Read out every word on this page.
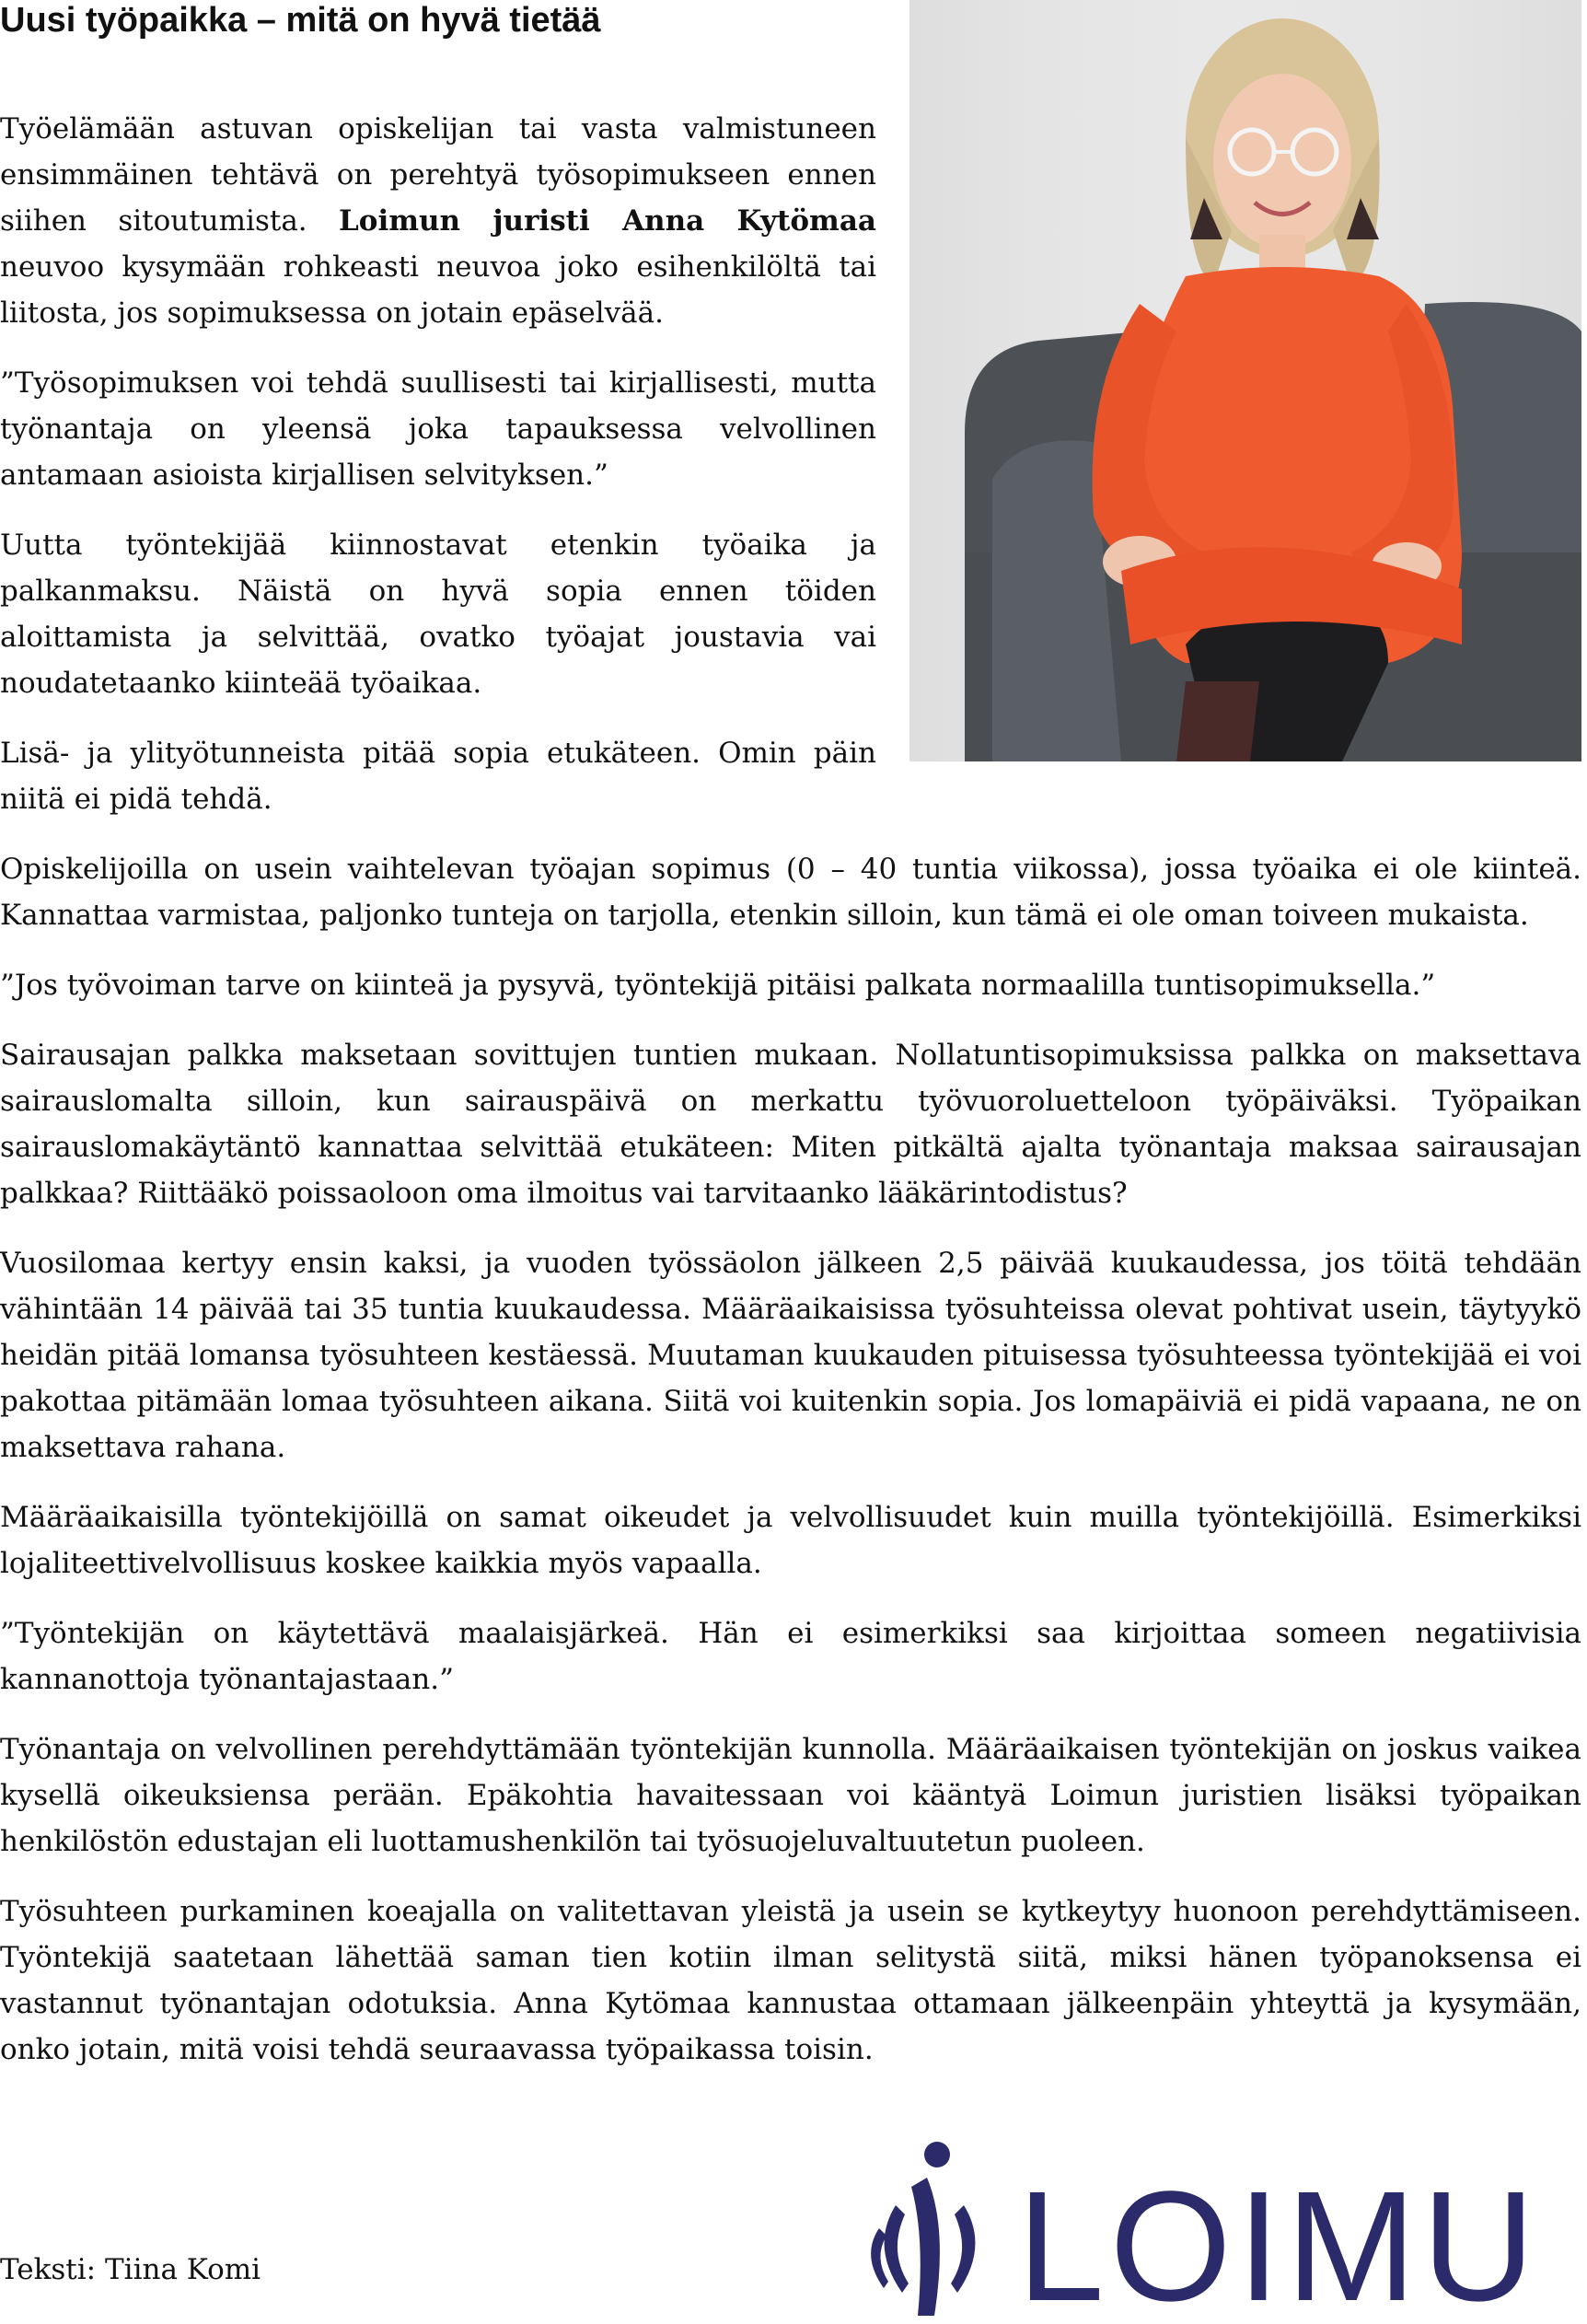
Uusi työpaikka – mitä on hyvä tietää

Työelämään astuvan opiskelijan tai vasta valmistuneen ensimmäinen tehtävä on perehtyä työsopimukseen ennen siihen sitoutumista. Loimun juristi Anna Kytömaa neuvoo kysymään rohkeasti neuvoa joko esihenkilöltä tai liitosta, jos sopimuksessa on jotain epäselvää.

”Työsopimuksen voi tehdä suullisesti tai kirjallisesti, mutta työnantaja on yleensä joka tapauksessa velvollinen antamaan asioista kirjallisen selvityksen.”

Uutta työntekijää kiinnostavat etenkin työaika ja palkanmaksu. Näistä on hyvä sopia ennen töiden aloittamista ja selvittää, ovatko työajat joustavia vai noudatetaanko kiinteää työaikaa.

Lisä- ja ylityötunneista pitää sopia etukäteen. Omin päin niitä ei pidä tehdä.

Opiskelijoilla on usein vaihtelevan työajan sopimus (0 – 40 tuntia viikossa), jossa työaika ei ole kiinteä. Kannattaa varmistaa, paljonko tunteja on tarjolla, etenkin silloin, kun tämä ei ole oman toiveen mukaista.

”Jos työvoiman tarve on kiinteä ja pysyvä, työntekijä pitäisi palkata normaalilla tuntisopimuksella.”

Sairausajan palkka maksetaan sovittujen tuntien mukaan. Nollatuntisopimuksissa palkka on maksettava sairauslomalta silloin, kun sairauspäivä on merkattu työvuoroluetteloon työpäiväksi. Työpaikan sairauslomakäytäntö kannattaa selvittää etukäteen: Miten pitkältä ajalta työnantaja maksaa sairausajan palkkaa? Riittääkö poissaoloon oma ilmoitus vai tarvitaanko lääkärintodistus?

Vuosilomaa kertyy ensin kaksi, ja vuoden työssäolon jälkeen 2,5 päivää kuukaudessa, jos töitä tehdään vähintään 14 päivää tai 35 tuntia kuukaudessa. Määräaikaisissa työsuhteissa olevat pohtivat usein, täytyykö heidän pitää lomansa työsuhteen kestäessä. Muutaman kuukauden pituisessa työsuhteessa työntekijää ei voi pakottaa pitämään lomaa työsuhteen aikana. Siitä voi kuitenkin sopia. Jos lomapäiviä ei pidä vapaana, ne on maksettava rahana.

Määräaikaisilla työntekijöillä on samat oikeudet ja velvollisuudet kuin muilla työntekijöillä. Esimerkiksi lojaliteettivelvollisuus koskee kaikkia myös vapaalla.

”Työntekijän on käytettävä maalaisjärkeä. Hän ei esimerkiksi saa kirjoittaa someen negatiivisia kannanottoja työnantajastaan.”

Työnantaja on velvollinen perehdyttämään työntekijän kunnolla. Määräaikaisen työntekijän on joskus vaikea kysellä oikeuksiensa perään. Epäkohtia havaitessaan voi kääntyä Loimun juristien lisäksi työpaikan henkilöstön edustajan eli luottamushenkilön tai työsuojeluvaltuutetun puoleen.

Työsuhteen purkaminen koeajalla on valitettavan yleistä ja usein se kytkeytyy huonoon perehdyttämiseen. Työntekijä saatetaan lähettää saman tien kotiin ilman selitystä siitä, miksi hänen työpanoksensa ei vastannut työnantajan odotuksia. Anna Kytömaa kannustaa ottamaan jälkeenpäin yhteyttä ja kysymään, onko jotain, mitä voisi tehdä seuraavassa työpaikassa toisin.

Teksti: Tiina Komi	LOIMU
